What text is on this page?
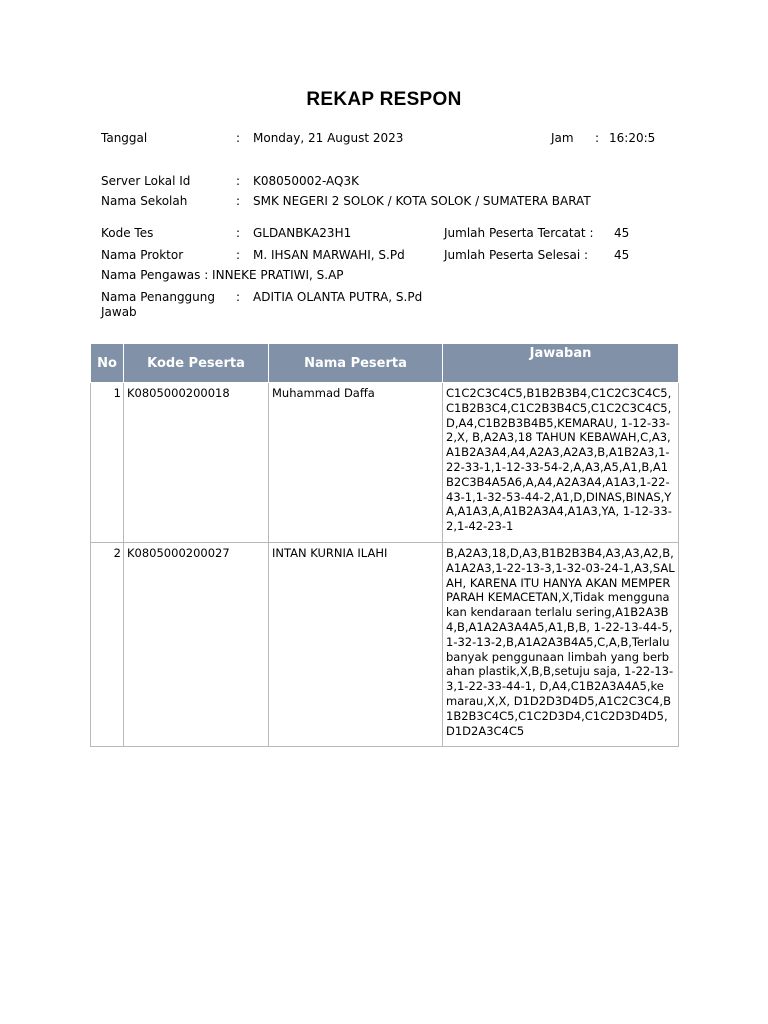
REKAP RESPON
Tanggal	: Monday, 21 August 2023	Jam : 16:20:5
Server Lokal Id	: K08050002-AQ3K
Nama Sekolah	: SMK NEGERI 2 SOLOK / KOTA SOLOK / SUMATERA BARAT
Kode Tes	: GLDANBKA23H1	Jumlah Peserta Tercatat : 45
Nama Proktor	: M. IHSAN MARWAHI, S.Pd	Jumlah Peserta Selesai : 45
Nama Pengawas : INNEKE PRATIWI, S.AP
Nama Penanggung Jawab
: ADITIA OLANTA PUTRA, S.Pd
No	Kode Peserta	Nama Peserta	Jawaban
1	K0805000200018	Muhammad Daffa	C1C2C3C4C5,B1B2B3B4,C1C2C3C4C5,C1B2B3C4,C1C2B3B4C5,C1C2C3C4C5, D,A4,C1B2B3B4B5,KEMARAU, 1-12-33-2,X, B,A2A3,18 TAHUN KEBAWAH,C,A3,A1B2A3A4,A4,A2A3,A2A3,B,A1B2A3,1-22-33-1,1-12-33-54-2,A,A3,A5,A1,B,A1B2C3B4A5A6,A,A4,A2A3A4,A1A3,1-22-43-1,1-32-53-44-2,A1,D,DINAS,BINAS,YA,A1A3,A,A1B2A3A4,A1A3,YA, 1-12-33-2,1-42-23-1
2	K0805000200027	INTAN KURNIA ILAHI	B,A2A3,18,D,A3,B1B2B3B4,A3,A3,A2,B,A1A2A3,1-22-13-3,1-32-03-24-1,A3,SALAH, KARENA ITU HANYA AKAN MEMPERPARAH KEMACETAN,X,Tidak menggunakan kendaraan terlalu sering,A1B2A3B4,B,A1A2A3A4A5,A1,B,B, 1-22-13-44-5,1-32-13-2,B,A1A2A3B4A5,C,A,B,Terlalu banyak penggunaan limbah yang berbahan plastik,X,B,B,setuju saja, 1-22-13-3,1-22-33-44-1, D,A4,C1B2A3A4A5,kemarau,X,X, D1D2D3D4D5,A1C2C3C4,B1B2B3C4C5,C1C2D3D4,C1C2D3D4D5,D1D2A3C4C5
